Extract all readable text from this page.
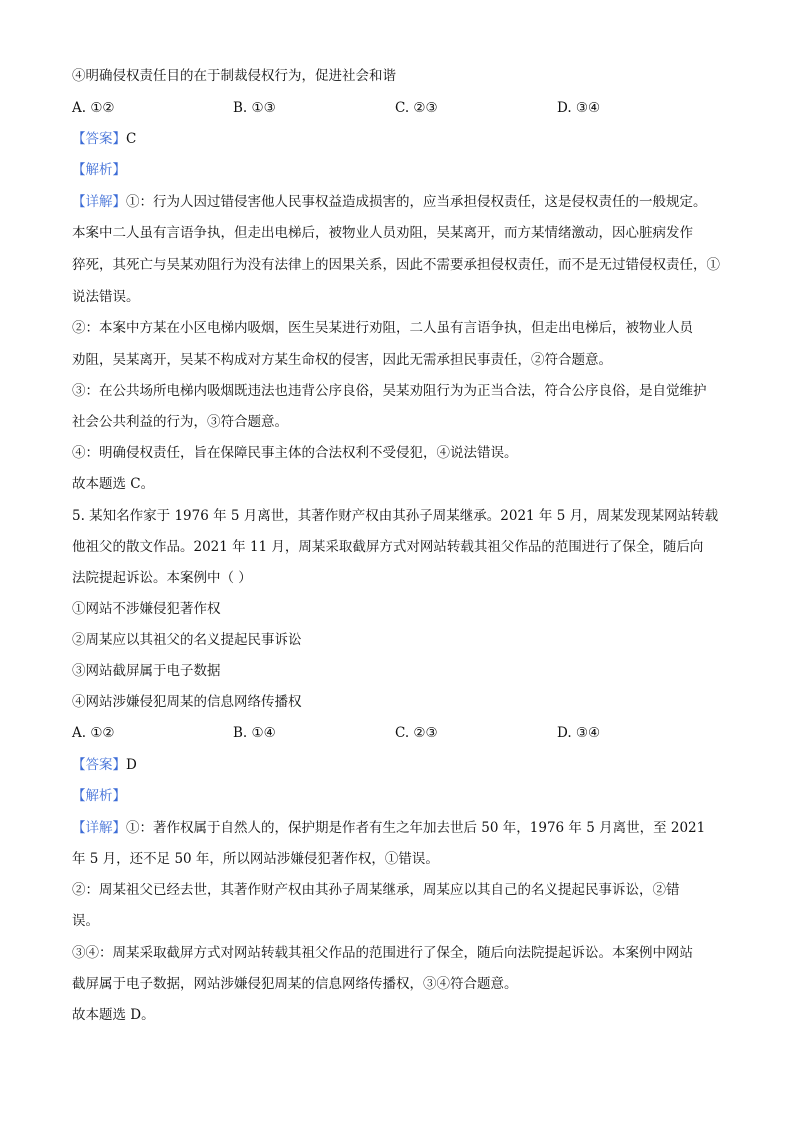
④明确侵权责任目的在于制裁侵权行为，促进社会和谐
A. ①②	B. ①③	C. ②③	D. ③④
【答案】C
【解析】
【详解】①：行为人因过错侵害他人民事权益造成损害的，应当承担侵权责任，这是侵权责任的一般规定。
本案中二人虽有言语争执，但走出电梯后，被物业人员劝阻，吴某离开，而方某情绪激动，因心脏病发作
猝死，其死亡与吴某劝阻行为没有法律上的因果关系，因此不需要承担侵权责任，而不是无过错侵权责任，①
说法错误。
②：本案中方某在小区电梯内吸烟，医生吴某进行劝阻，二人虽有言语争执，但走出电梯后，被物业人员
劝阻，吴某离开，吴某不构成对方某生命权的侵害，因此无需承担民事责任，②符合题意。
③：在公共场所电梯内吸烟既违法也违背公序良俗，吴某劝阻行为为正当合法，符合公序良俗，是自觉维护
社会公共利益的行为，③符合题意。
④：明确侵权责任，旨在保障民事主体的合法权利不受侵犯，④说法错误。
故本题选 C。
5. 某知名作家于 1976 年 5 月离世，其著作财产权由其孙子周某继承。2021 年 5 月，周某发现某网站转载
他祖父的散文作品。2021 年 11 月，周某采取截屏方式对网站转载其祖父作品的范围进行了保全，随后向
法院提起诉讼。本案例中（ ）
①网站不涉嫌侵犯著作权
②周某应以其祖父的名义提起民事诉讼
③网站截屏属于电子数据
④网站涉嫌侵犯周某的信息网络传播权
A. ①②	B. ①④	C. ②③	D. ③④
【答案】D
【解析】
【详解】①：著作权属于自然人的，保护期是作者有生之年加去世后 50 年，1976 年 5 月离世，至 2021
年 5 月，还不足 50 年，所以网站涉嫌侵犯著作权，①错误。
②：周某祖父已经去世，其著作财产权由其孙子周某继承，周某应以其自己的名义提起民事诉讼，②错
误。
③④：周某采取截屏方式对网站转载其祖父作品的范围进行了保全，随后向法院提起诉讼。本案例中网站
截屏属于电子数据，网站涉嫌侵犯周某的信息网络传播权，③④符合题意。
故本题选 D。
